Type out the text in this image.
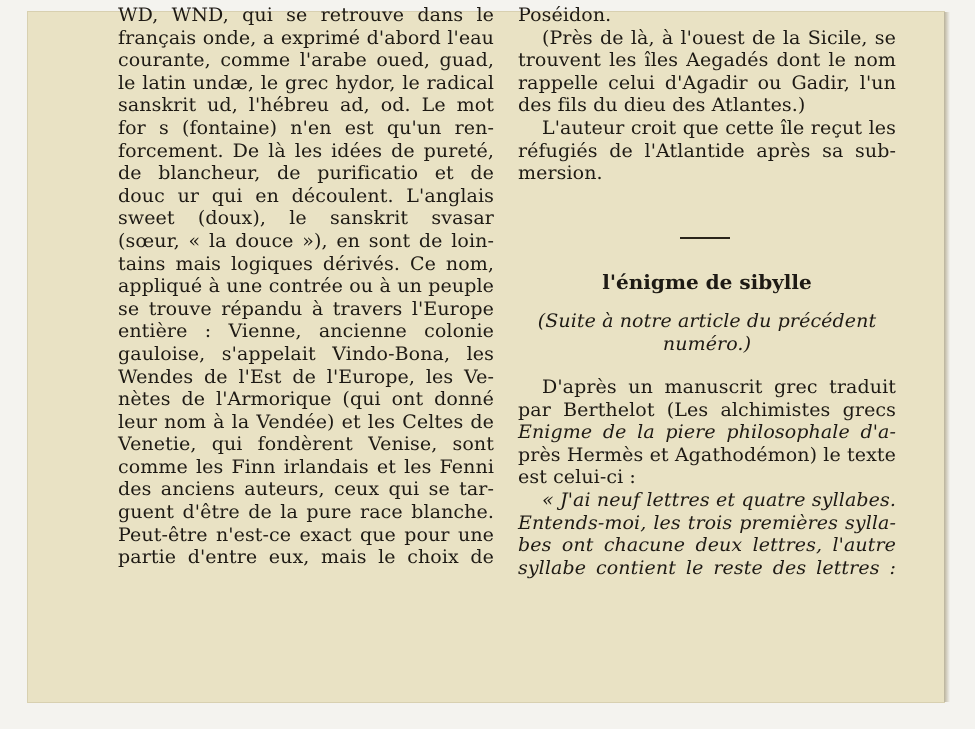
WD, WND, qui se retrouve dans le
français onde, a exprimé d'abord l'eau
courante, comme l'arabe oued, guad,
le latin undæ, le grec hydor, le radical
sanskrit ud, l'hébreu ad, od. Le mot
for s (fontaine) n'en est qu'un ren-
forcement. De là les idées de pureté,
de blancheur, de purificatio et de
douc ur qui en découlent. L'anglais
sweet (doux), le sanskrit svasar
(sœur, « la douce »), en sont de loin-
tains mais logiques dérivés. Ce nom,
appliqué à une contrée ou à un peuple
se trouve répandu à travers l'Europe
entière : Vienne, ancienne colonie
gauloise, s'appelait Vindo-Bona, les
Wendes de l'Est de l'Europe, les Ve-
nètes de l'Armorique (qui ont donné
leur nom à la Vendée) et les Celtes de
Venetie, qui fondèrent Venise, sont
comme les Finn irlandais et les Fenni
des anciens auteurs, ceux qui se tar-
guent d'être de la pure race blanche.
Peut-être n'est-ce exact que pour une
partie d'entre eux, mais le choix de
Poséidon.
(Près de là, à l'ouest de la Sicile, se
trouvent les îles Aegadés dont le nom
rappelle celui d'Agadir ou Gadir, l'un
des fils du dieu des Atlantes.)
L'auteur croit que cette île reçut les
réfugiés de l'Atlantide après sa sub-
mersion.
l'énigme de sibylle
(Suite à notre article du précédent
numéro.)
D'après un manuscrit grec traduit
par Berthelot (Les alchimistes grecs
Enigme de la piere philosophale d'a-
près Hermès et Agathodémon) le texte
est celui-ci :
« J'ai neuf lettres et quatre syllabes.
Entends-moi, les trois premières sylla-
bes ont chacune deux lettres, l'autre
syllabe contient le reste des lettres :
